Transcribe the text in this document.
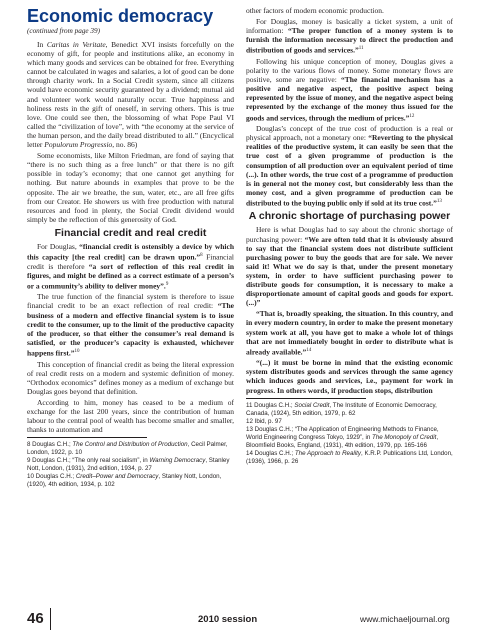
Economic democracy
(continued from page 39)

In Caritas in Veritate, Benedict XVI insists forcefully on the economy of gift, for people and institutions alike, an economy in which many goods and services can be obtained for free. Everything cannot be calculated in wages and salaries, a lot of good can be done through charity work. In a Social Credit system, since all citizens would have economic security guaranteed by a dividend; mutual aid and volunteer work would naturally occur. True happiness and holiness rests in the gift of oneself, in serving others. This is true love. One could see then, the blossoming of what Pope Paul VI called the “civilization of love”, with “the economy at the service of the human person, and the daily bread distributed to all.” (Encyclical letter Populorum Progressio, no. 86)

Some economists, like Milton Friedman, are fond of saying that “there is no such thing as a free lunch” or that there is no gift possible in today’s economy; that one cannot get anything for nothing. But nature abounds in examples that prove to be the opposite. The air we breathe, the sun, water, etc., are all free gifts from our Creator. He showers us with free production with natural resources and food in plenty, the Social Credit dividend would simply be the reflection of this generosity of God.

Financial credit and real credit

For Douglas, “financial credit is ostensibly a device by which this capacity [the real credit] can be drawn upon.”$^8$ Financial credit is therefore “a sort of reflection of this real credit in figures, and might be defined as a correct estimate of a person’s or a community’s ability to deliver money”.$^9$

The true function of the financial system is therefore to issue financial credit to be an exact reflection of real credit: “The business of a modern and effective financial system is to issue credit to the consumer, up to the limit of the productive capacity of the producer, so that either the consumer’s real demand is satisfied, or the producer’s capacity is exhausted, whichever happens first.”$^{10}$

This conception of financial credit as being the literal expression of real credit rests on a modern and systemic definition of money. “Orthodox economics” defines money as a medium of exchange but Douglas goes beyond that definition.

According to him, money has ceased to be a medium of exchange for the last 200 years, since the contribution of human labour to the central pool of wealth has become smaller and smaller, thanks to automation and

8 Douglas C.H.; The Control and Distribution of Production, Cecil Palmer, London, 1922, p. 10

9 Douglas C.H.; “The only real socialism”, in Warning Democracy, Stanley Nott, London, (1931), 2nd edition, 1934, p. 27

10 Douglas C.H.; Credit–Power and Democracy, Stanley Nott, London, (1920), 4th edition, 1934, p. 102

other factors of modern economic production.

For Douglas, money is basically a ticket system, a unit of information: “The proper function of a money system is to furnish the information necessary to direct the production and distribution of goods and services.”$^{11}$

Following his unique conception of money, Douglas gives a polarity to the various flows of money. Some monetary flows are positive, some are negative: “The financial mechanism has a positive and negative aspect, the positive aspect being represented by the issue of money, and the negative aspect being represented by the exchange of the money thus issued for the goods and services, through the medium of prices.”$^{12}$

Douglas’s concept of the true cost of production is a real or physical approach, not a monetary one: “Reverting to the physical realities of the productive system, it can easily be seen that the true cost of a given programme of production is the consumption of all production over an equivalent period of time (...). In other words, the true cost of a programme of production is in general not the money cost, but considerably less than the money cost, and a given programme of production can be distributed to the buying public only if sold at its true cost.”$^{13}$

A chronic shortage of purchasing power

Here is what Douglas had to say about the chronic shortage of purchasing power: “We are often told that it is obviously absurd to say that the financial system does not distribute sufficient purchasing power to buy the goods that are for sale. We never said it! What we do say is that, under the present monetary system, in order to have sufficient purchasing power to distribute goods for consumption, it is necessary to make a disproportionate amount of capital goods and goods for export. (...)”

“That is, broadly speaking, the situation. In this country, and in every modern country, in order to make the present monetary system work at all, you have got to make a whole lot of things that are not immediately bought in order to distribute what is already available.”$^{14}$

“(...) it must be borne in mind that the existing economic system distributes goods and services through the same agency which induces goods and services, i.e., payment for work in progress. In others words, if production stops, distribution

11 Douglas C.H.; Social Credit, The Institute of Economic Democracy, Canada, (1924), 5th edition, 1979, p. 62

12 Ibid, p. 97

13 Douglas C.H.; “The Application of Engineering Methods to Finance, World Engineering Congress Tokyo, 1929”, in The Monopoly of Credit, Bloomfield Books, England, (1931), 4th edition, 1979, pp. 165-166

14 Douglas C.H.; The Approach to Reality, K.R.P. Publications Ltd, London, (1936), 1966, p. 26

46	2010 session	www.michaeljournal.org
